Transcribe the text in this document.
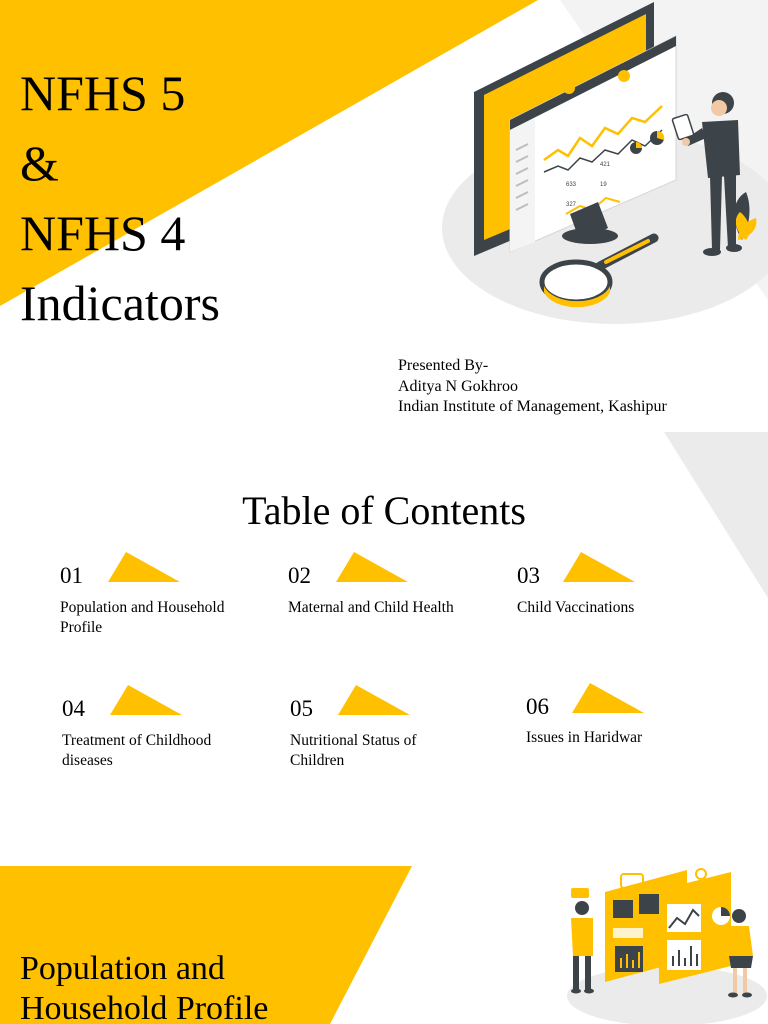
421
633
327
19
NFHS 5
&
NFHS 4
Indicators
Presented By-
Aditya N Gokhroo
Indian Institute of Management, Kashipur
Table of Contents
01
Population and Household Profile
02
Maternal and Child Health
03
Child Vaccinations
04
Treatment of Childhood diseases
05
Nutritional Status of Children
06
Issues in Haridwar
Population and
Household Profile
